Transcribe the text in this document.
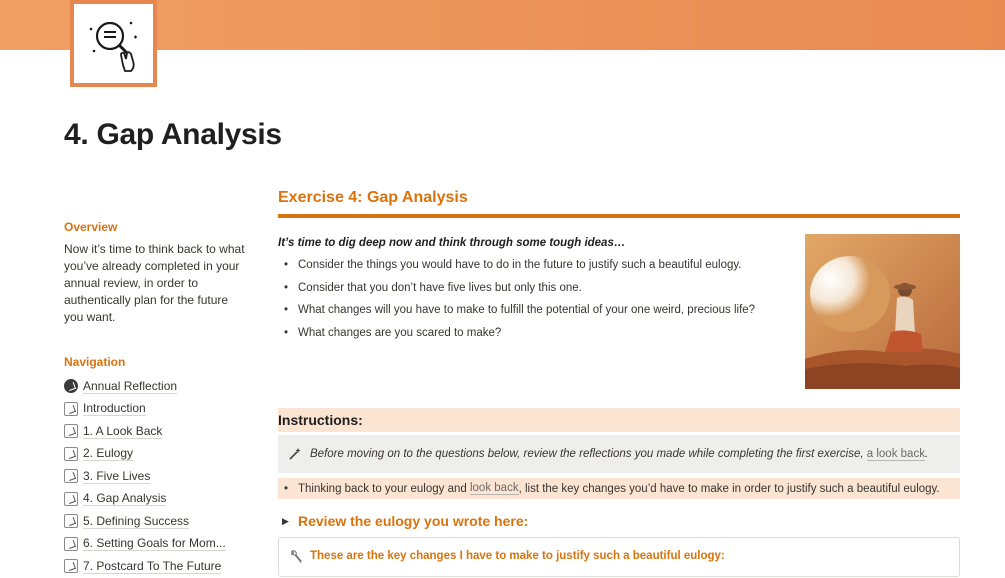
4. Gap Analysis
Overview

Now it’s time to think back to what you’ve already completed in your annual review, in order to authentically plan for the future you want.

Navigation
Annual Reflection
Introduction
1. A Look Back
2. Eulogy
3. Five Lives
4. Gap Analysis
5. Defining Success
6. Setting Goals for Mom...
7. Postcard To The Future
Exercise 4: Gap Analysis

It’s time to dig deep now and think through some tough ideas…

• Consider the things you would have to do in the future to justify such a beautiful eulogy.
• Consider that you don’t have five lives but only this one.
• What changes will you have to make to fulfill the potential of your one weird, precious life?
• What changes are you scared to make?
Instructions:
Before moving on to the questions below, review the reflections you made while completing the first exercise, a look back.
• Thinking back to your eulogy and
look back , list the key changes you’d have to make in order to justify such a beautiful eulogy.
▶ Review the eulogy you wrote here:
These are the key changes I have to make to justify such a beautiful eulogy:
